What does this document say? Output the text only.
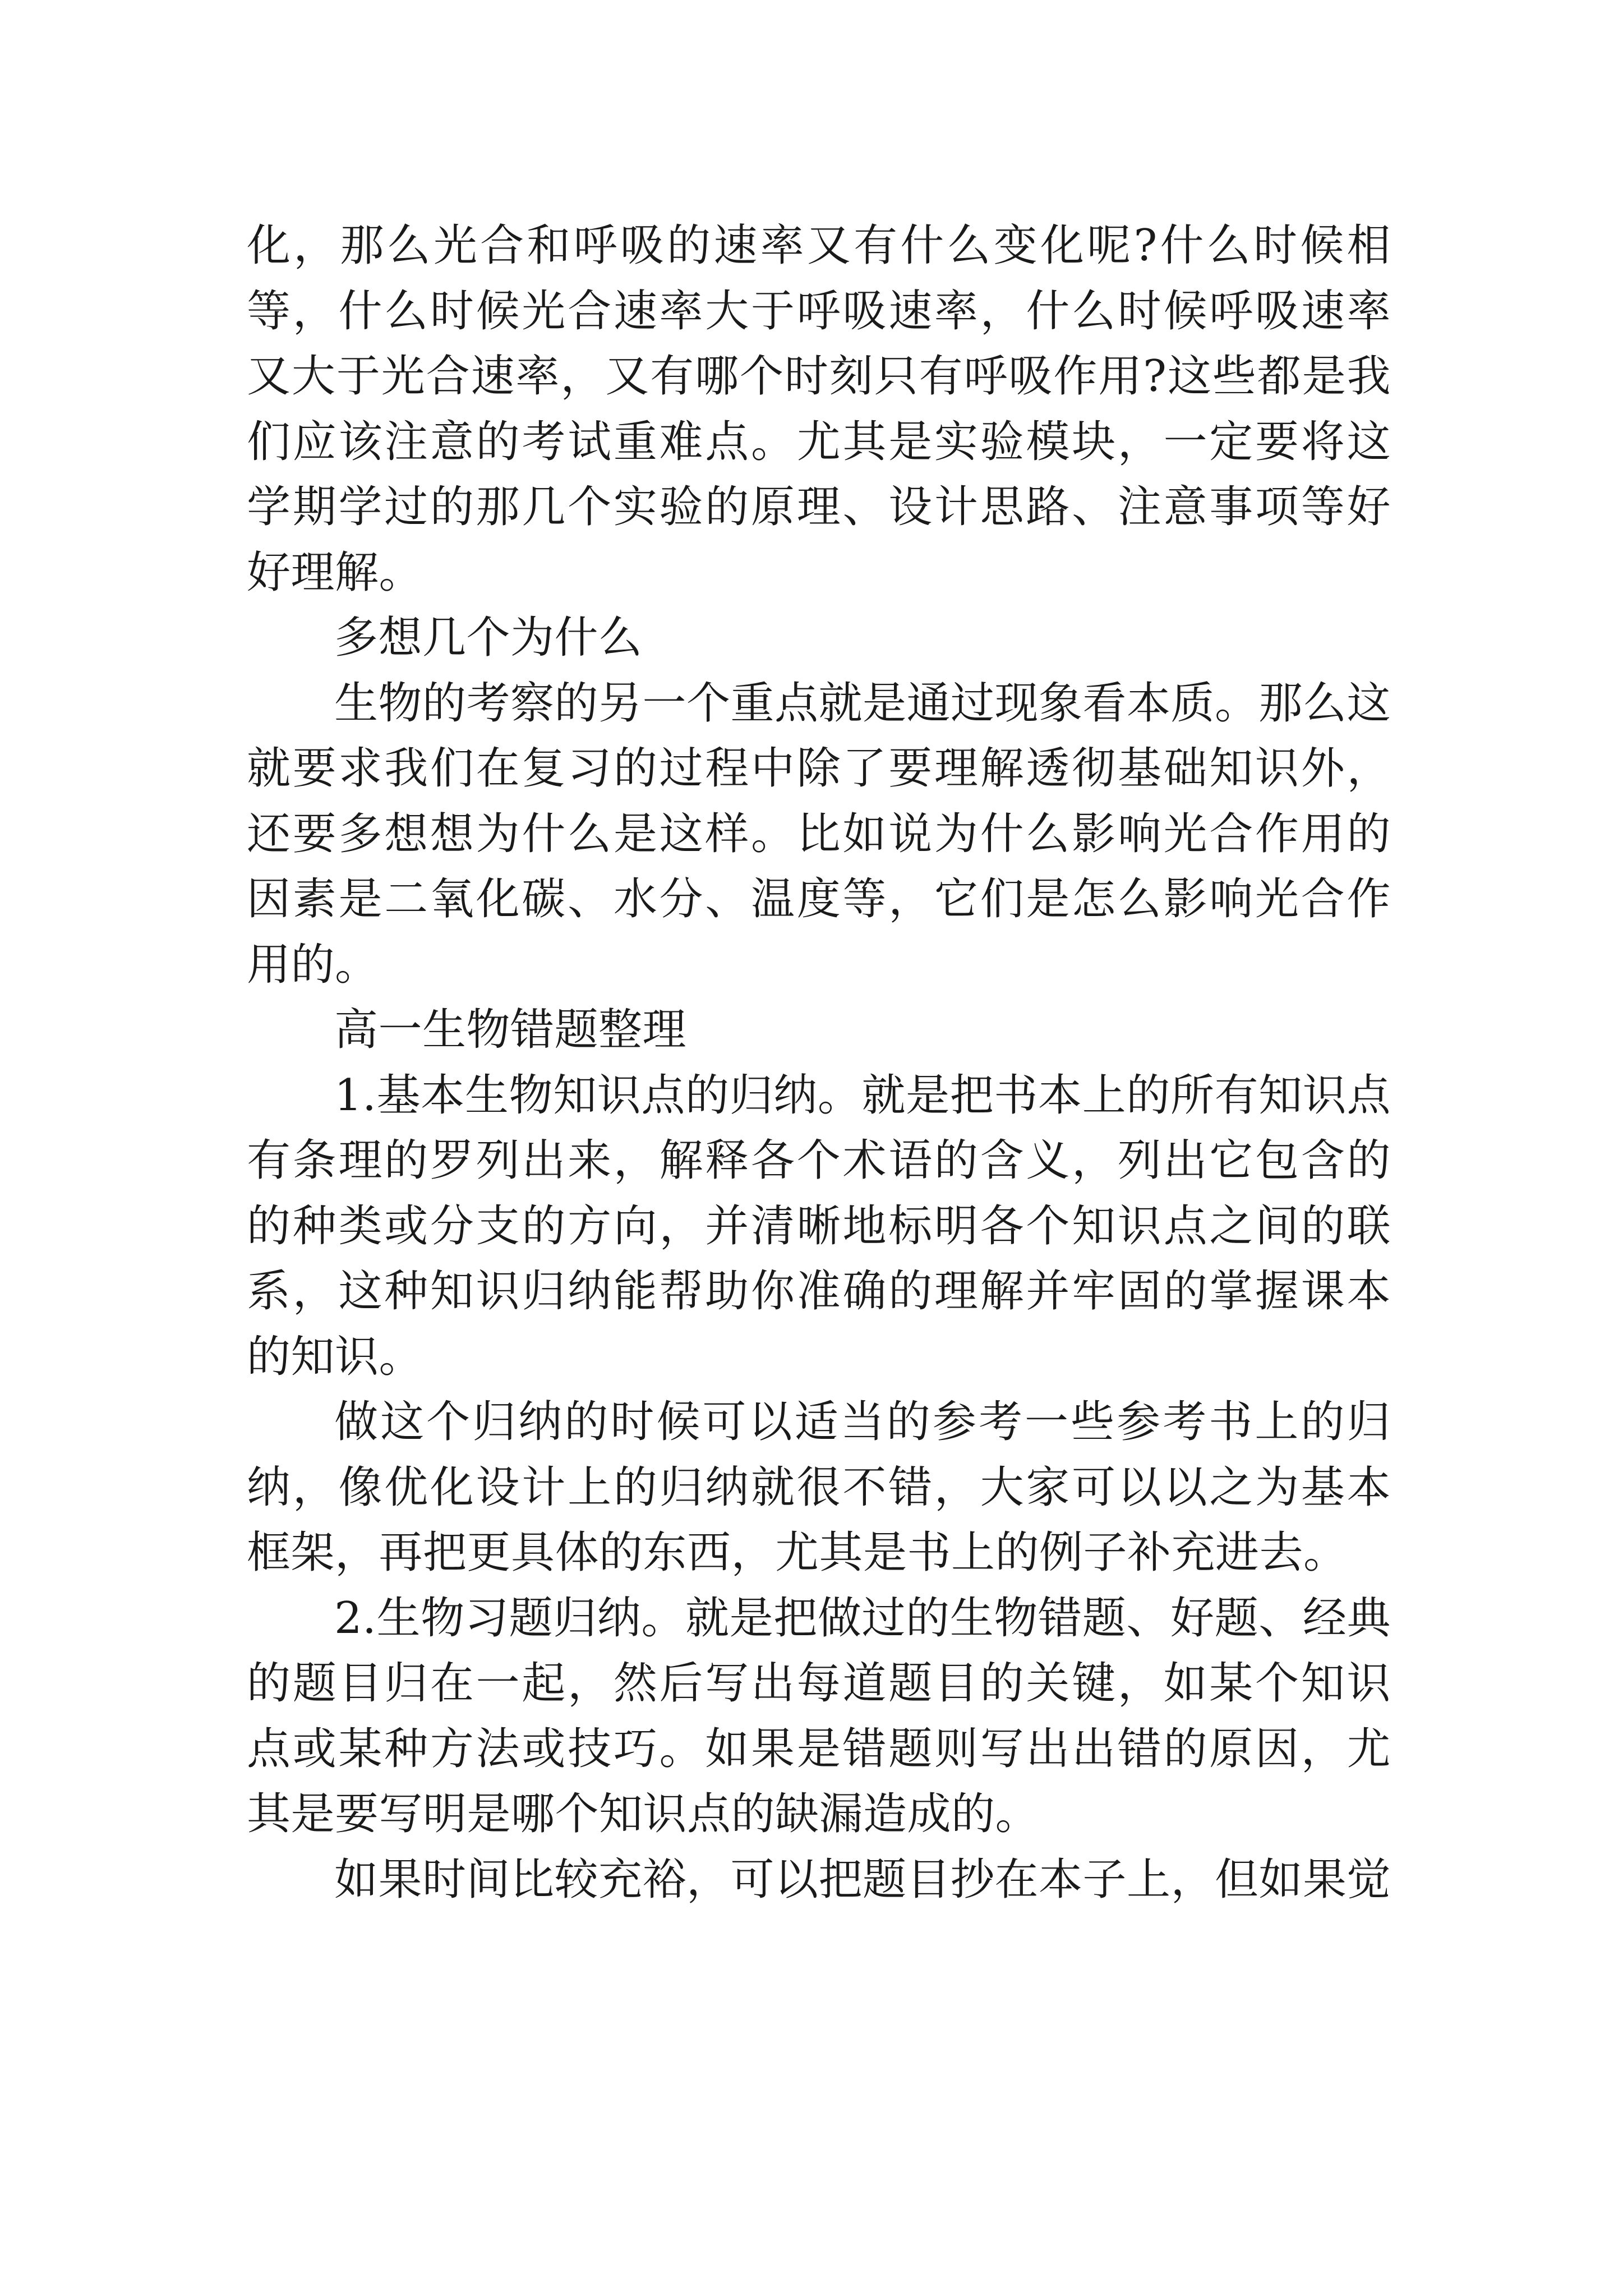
化，那么光合和呼吸的速率又有什么变化呢?什么时候相等，什么时候光合速率大于呼吸速率，什么时候呼吸速率又大于光合速率，又有哪个时刻只有呼吸作用?这些都是我们应该注意的考试重难点。尤其是实验模块，一定要将这学期学过的那几个实验的原理、设计思路、注意事项等好好理解。

多想几个为什么

生物的考察的另一个重点就是通过现象看本质。那么这就要求我们在复习的过程中除了要理解透彻基础知识外，还要多想想为什么是这样。比如说为什么影响光合作用的因素是二氧化碳、水分、温度等，它们是怎么影响光合作用的。

高一生物错题整理

1.基本生物知识点的归纳。就是把书本上的所有知识点有条理的罗列出来，解释各个术语的含义，列出它包含的的种类或分支的方向，并清晰地标明各个知识点之间的联系，这种知识归纳能帮助你准确的理解并牢固的掌握课本的知识。

做这个归纳的时候可以适当的参考一些参考书上的归纳，像优化设计上的归纳就很不错，大家可以以之为基本框架，再把更具体的东西，尤其是书上的例子补充进去。

2.生物习题归纳。就是把做过的生物错题、好题、经典的题目归在一起，然后写出每道题目的关键，如某个知识点或某种方法或技巧。如果是错题则写出出错的原因，尤其是要写明是哪个知识点的缺漏造成的。

如果时间比较充裕，可以把题目抄在本子上，但如果觉
